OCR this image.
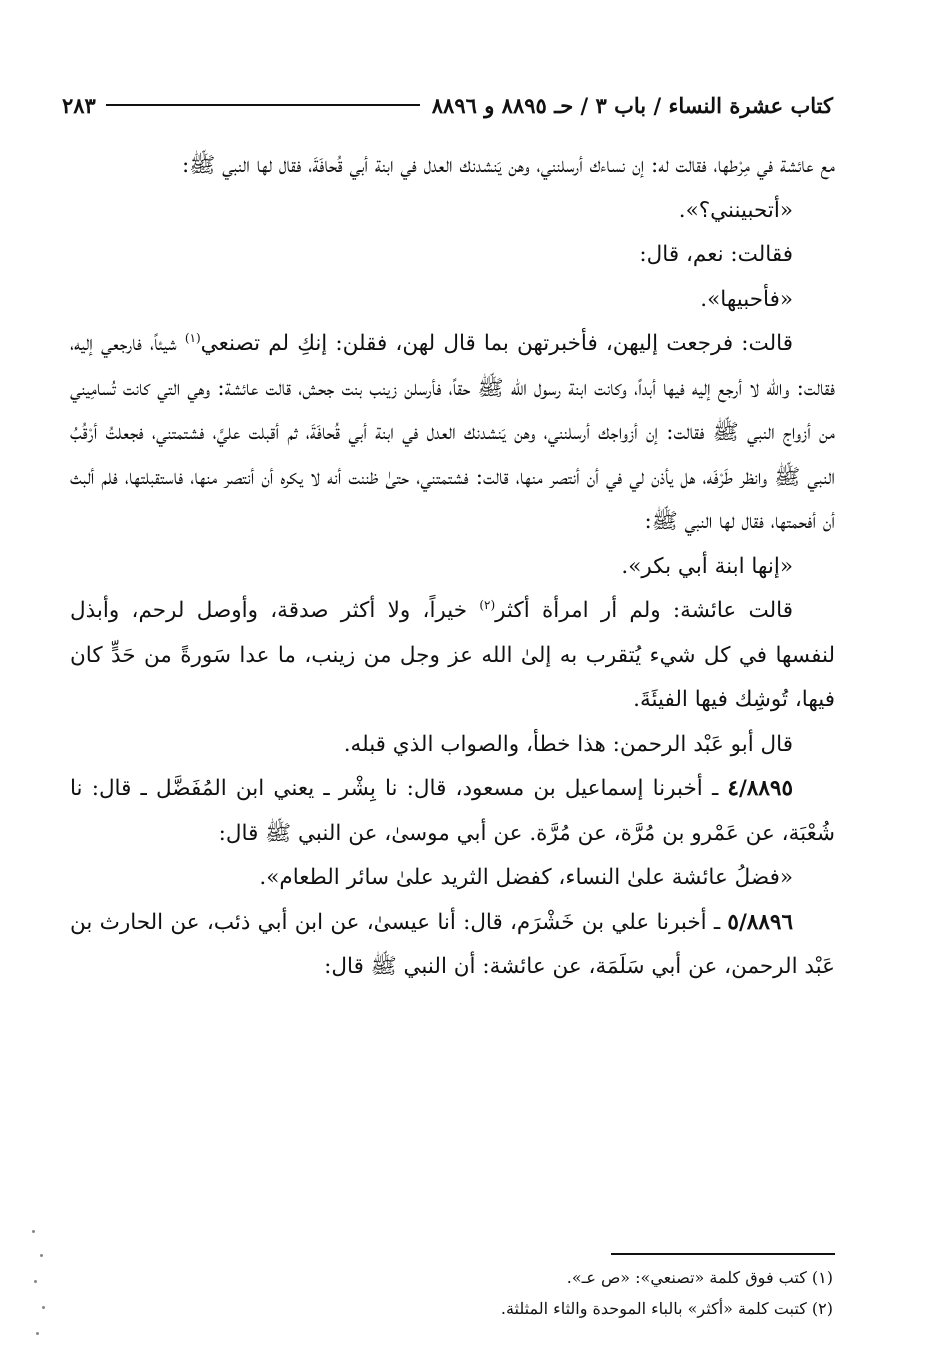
كتاب عشرة النساء / باب ٣ / حـ ٨٨٩٥ و ٨٨٩٦
٢٨٣

مع عائشة في مِرْطها، فقالت له: إن نساءك أرسلنني، وهن يَنشدنك العدل في ابنة أبي قُحافَةَ، فقال لها النبي ﷺ:

«أتحبينني؟».

فقالت: نعم، قال:

«فأحبيها».

قالت: فرجعت إليهن، فأخبرتهن بما قال لهن، فقلن: إنكِ لم تصنعي$^{(١)}$ شيئاً، فارجعي إليه، فقالت: والله لا أرجع إليه فيها أبداً، وكانت ابنة رسول الله ﷺ حقاً، فأرسلن زينب بنت جحش، قالت عائشة: وهي التي كانت تُسامِيني من أزواج النبي ﷺ فقالت: إن أزواجك أرسلنني، وهن يَنشدنك العدل في ابنة أبي قُحافَةَ، ثم أقبلت عليَّ، فشتمتني، فجعلتُ أرْقُبُ النبي ﷺ وانظر طَرْفَه، هل يأذن لي في أن أنتصر منها، قالت: فشتمتني، حتىٰ ظننت أنه لا يكره أن أنتصر منها، فاستقبلتها، فلم ألبث أن أفحمتها، فقال لها النبي ﷺ:

«إنها ابنة أبي بكر».

قالت عائشة: ولم أر امرأة أكثر$^{(٢)}$ خيراً، ولا أكثر صدقة، وأوصل لرحم، وأبذل لنفسها في كل شيء يُتقرب به إلىٰ الله عز وجل من زينب، ما عدا سَورةً من حَدٍّ كان فيها، تُوشِك فيها الفيئَةَ.

قال أبو عَبْد الرحمن: هذا خطأ، والصواب الذي قبله.

٤/٨٨٩٥ ـ أخبرنا إسماعيل بن مسعود، قال: نا بِشْر ـ يعني ابن المُفَضَّل ـ قال: نا شُعْبَة، عن عَمْرو بن مُرَّة، عن مُرَّة. عن أبي موسىٰ، عن النبي ﷺ قال:

«فضلُ عائشة علىٰ النساء، كفضل الثريد علىٰ سائر الطعام».

٥/٨٨٩٦ ـ أخبرنا علي بن خَشْرَم، قال: أنا عيسىٰ، عن ابن أبي ذئب، عن الحارث بن عَبْد الرحمن، عن أبي سَلَمَة، عن عائشة: أن النبي ﷺ قال:

(١) كتب فوق كلمة «تصنعي»: «ص عـ».

(٢) كتبت كلمة «أكثر» بالباء الموحدة والثاء المثلثة.
